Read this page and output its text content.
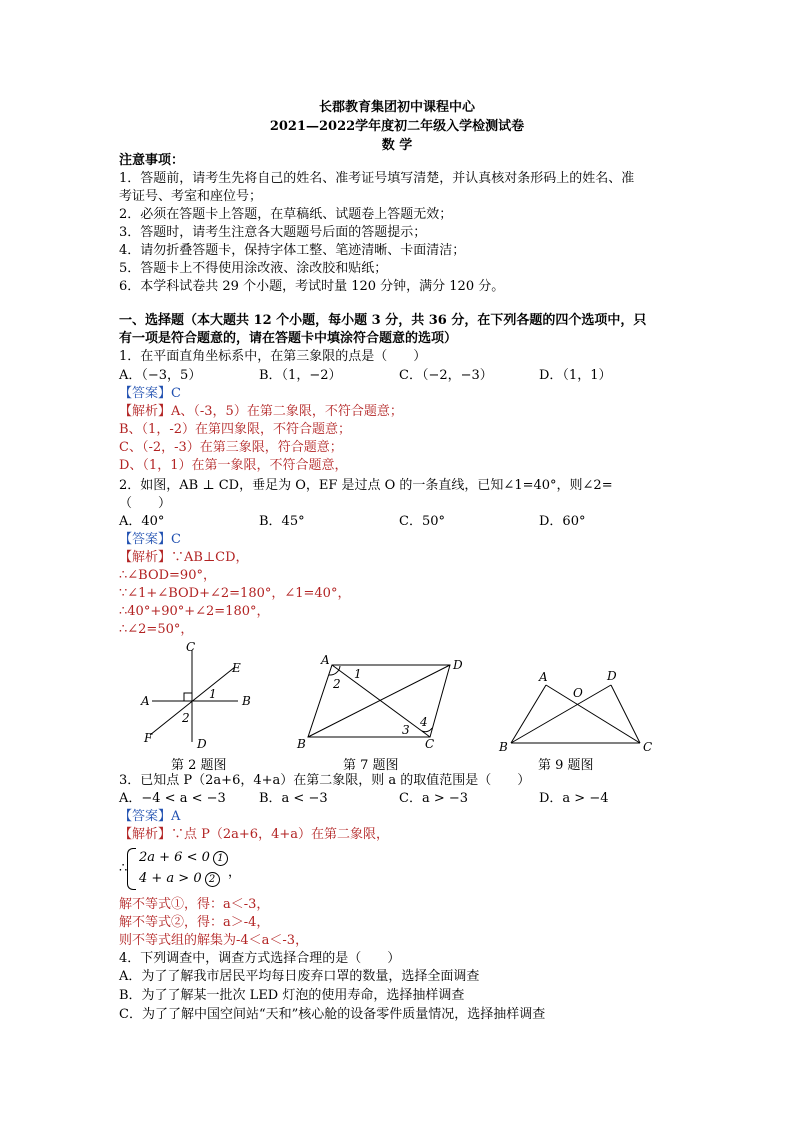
长郡教育集团初中课程中心
2021—2022学年度初二年级入学检测试卷
数 学
注意事项：
1．答题前，请考生先将自己的姓名、准考证号填写清楚，并认真核对条形码上的姓名、准
考证号、考室和座位号；
2．必须在答题卡上答题，在草稿纸、试题卷上答题无效；
3．答题时，请考生注意各大题题号后面的答题提示；
4．请勿折叠答题卡，保持字体工整、笔迹清晰、卡面清洁；
5．答题卡上不得使用涂改液、涂改胶和贴纸；
6．本学科试卷共 29 个小题，考试时量 120 分钟，满分 120 分。
一、选择题（本大题共 12 个小题，每小题 3 分，共 36 分，在下列各题的四个选项中，只
有一项是符合题意的，请在答题卡中填涂符合题意的选项）
1．在平面直角坐标系中，在第三象限的点是（　　）
A．（−3，5）	B．（1，−2）	C．（−2，−3）	D．（1，1）
【答案】C
【解析】A、（-3，5）在第二象限，不符合题意；
B、（1，-2）在第四象限，不符合题意；
C、（-2，-3）在第三象限，符合题意；
D、（1，1）在第一象限，不符合题意，
2．如图，AB ⊥ CD，垂足为 O，EF 是过点 O 的一条直线，已知∠1=40°，则∠2=
（　　）
A．40°	B．45°	C．50°	D．60°
【答案】C
【解析】∵AB⊥CD，
∴∠BOD=90°，
∵∠1+∠BOD+∠2=180°，∠1=40°，
∴40°+90°+∠2=180°，
∴∠2=50°，
C
E
A	B
1
2
F	D
A	D
1
2
3
4
B	C
A	D
O
B	C
第 2 题图	第 7 题图	第 9 题图
3．已知点 P（2a+6，4+a）在第二象限，则 a 的取值范围是（　　）
A．−4 < a < −3	B．a < −3	C．a > −3	D．a > −4
【答案】A
【解析】∵点 P（2a+6，4+a）在第二象限，
∴
2a + 6 < 0 1
4 + a > 0 2 ，
解不等式①，得：a＜-3，
解不等式②，得：a＞-4，
则不等式组的解集为-4＜a＜-3，
4．下列调查中，调查方式选择合理的是（　　）
A．为了了解我市居民平均每日废弃口罩的数量，选择全面调查
B．为了了解某一批次 LED 灯泡的使用寿命，选择抽样调查
C．为了了解中国空间站“天和”核心舱的设备零件质量情况，选择抽样调查
